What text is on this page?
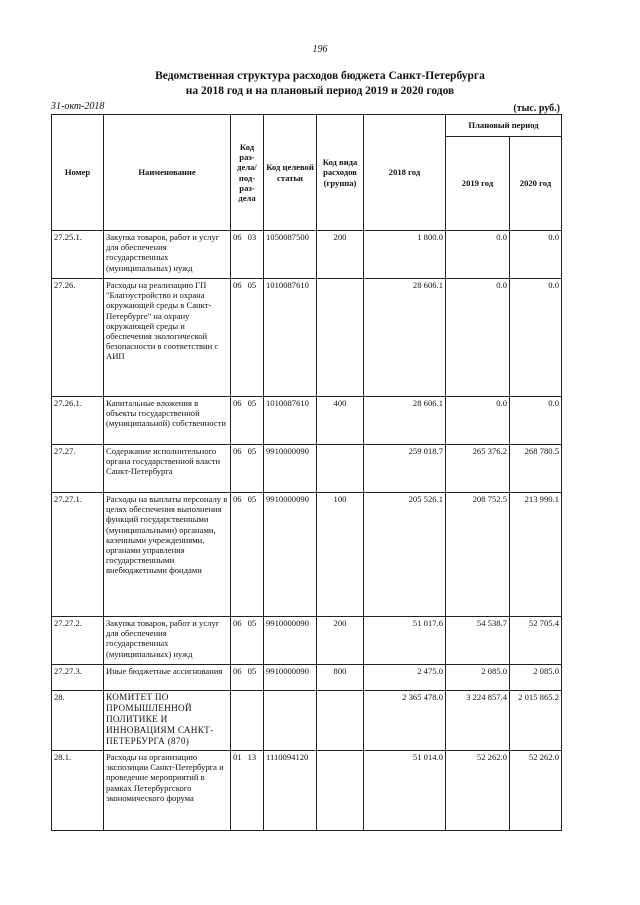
196
Ведомственная структура расходов бюджета Санкт-Петербурга
на 2018 год и на плановый период 2019 и 2020 годов
31-окт-2018	(тыс. руб.)
Номер	Наименование	Код раз-дела/ под-раз-дела	Код целевой статьи	Код вида расходов (группа)	2018 год	Плановый период	
						2019 год	2020 год
27.25.1.	Закупка товаров, работ и услуг для обеспечения государственных (муниципальных) нужд	06 03	1050087500	200	1 800.0	0.0	0.0
27.26.	Расходы на реализацию ГП "Благоустройство и охрана окружающей среды в Санкт-Петербурге" на охрану окружающей среды и обеспечения экологической безопасности в соответствии с АИП	06 05	1010087610		28 606.1	0.0	0.0
27.26.1.	Капитальные вложения в объекты государственной (муниципальной) собственности	06 05	1010087610	400	28 606.1	0.0	0.0
27.27.	Содержание исполнительного органа государственной власти Санкт-Петербурга	06 05	9910000090		259 018.7	265 376.2	268 780.5
27.27.1.	Расходы на выплаты персоналу в целях обеспечения выполнения функций государственными (муниципальными) органами, казенными учреждениями, органами управления государственными внебюджетными фондами	06 05	9910000090	100	205 526.1	208 752.5	213 990.1
27.27.2.	Закупка товаров, работ и услуг для обеспечения государственных (муниципальных) нужд	06 05	9910000090	200	51 017.6	54 538.7	52 705.4
27.27.3.	Иные бюджетные ассигнования	06 05	9910000090	800	2 475.0	2 085.0	2 085.0
28.	КОМИТЕТ ПО ПРОМЫШЛЕННОЙ ПОЛИТИКЕ И ИННОВАЦИЯМ САНКТ-ПЕТЕРБУРГА (870)				2 365 478.0	3 224 857.4	2 015 865.2
28.1.	Расходы на организацию экспозиции Санкт-Петербурга и проведение мероприятий в рамках Петербургского экономического форума	01 13	1110094120		51 014.0	52 262.0	52 262.0
